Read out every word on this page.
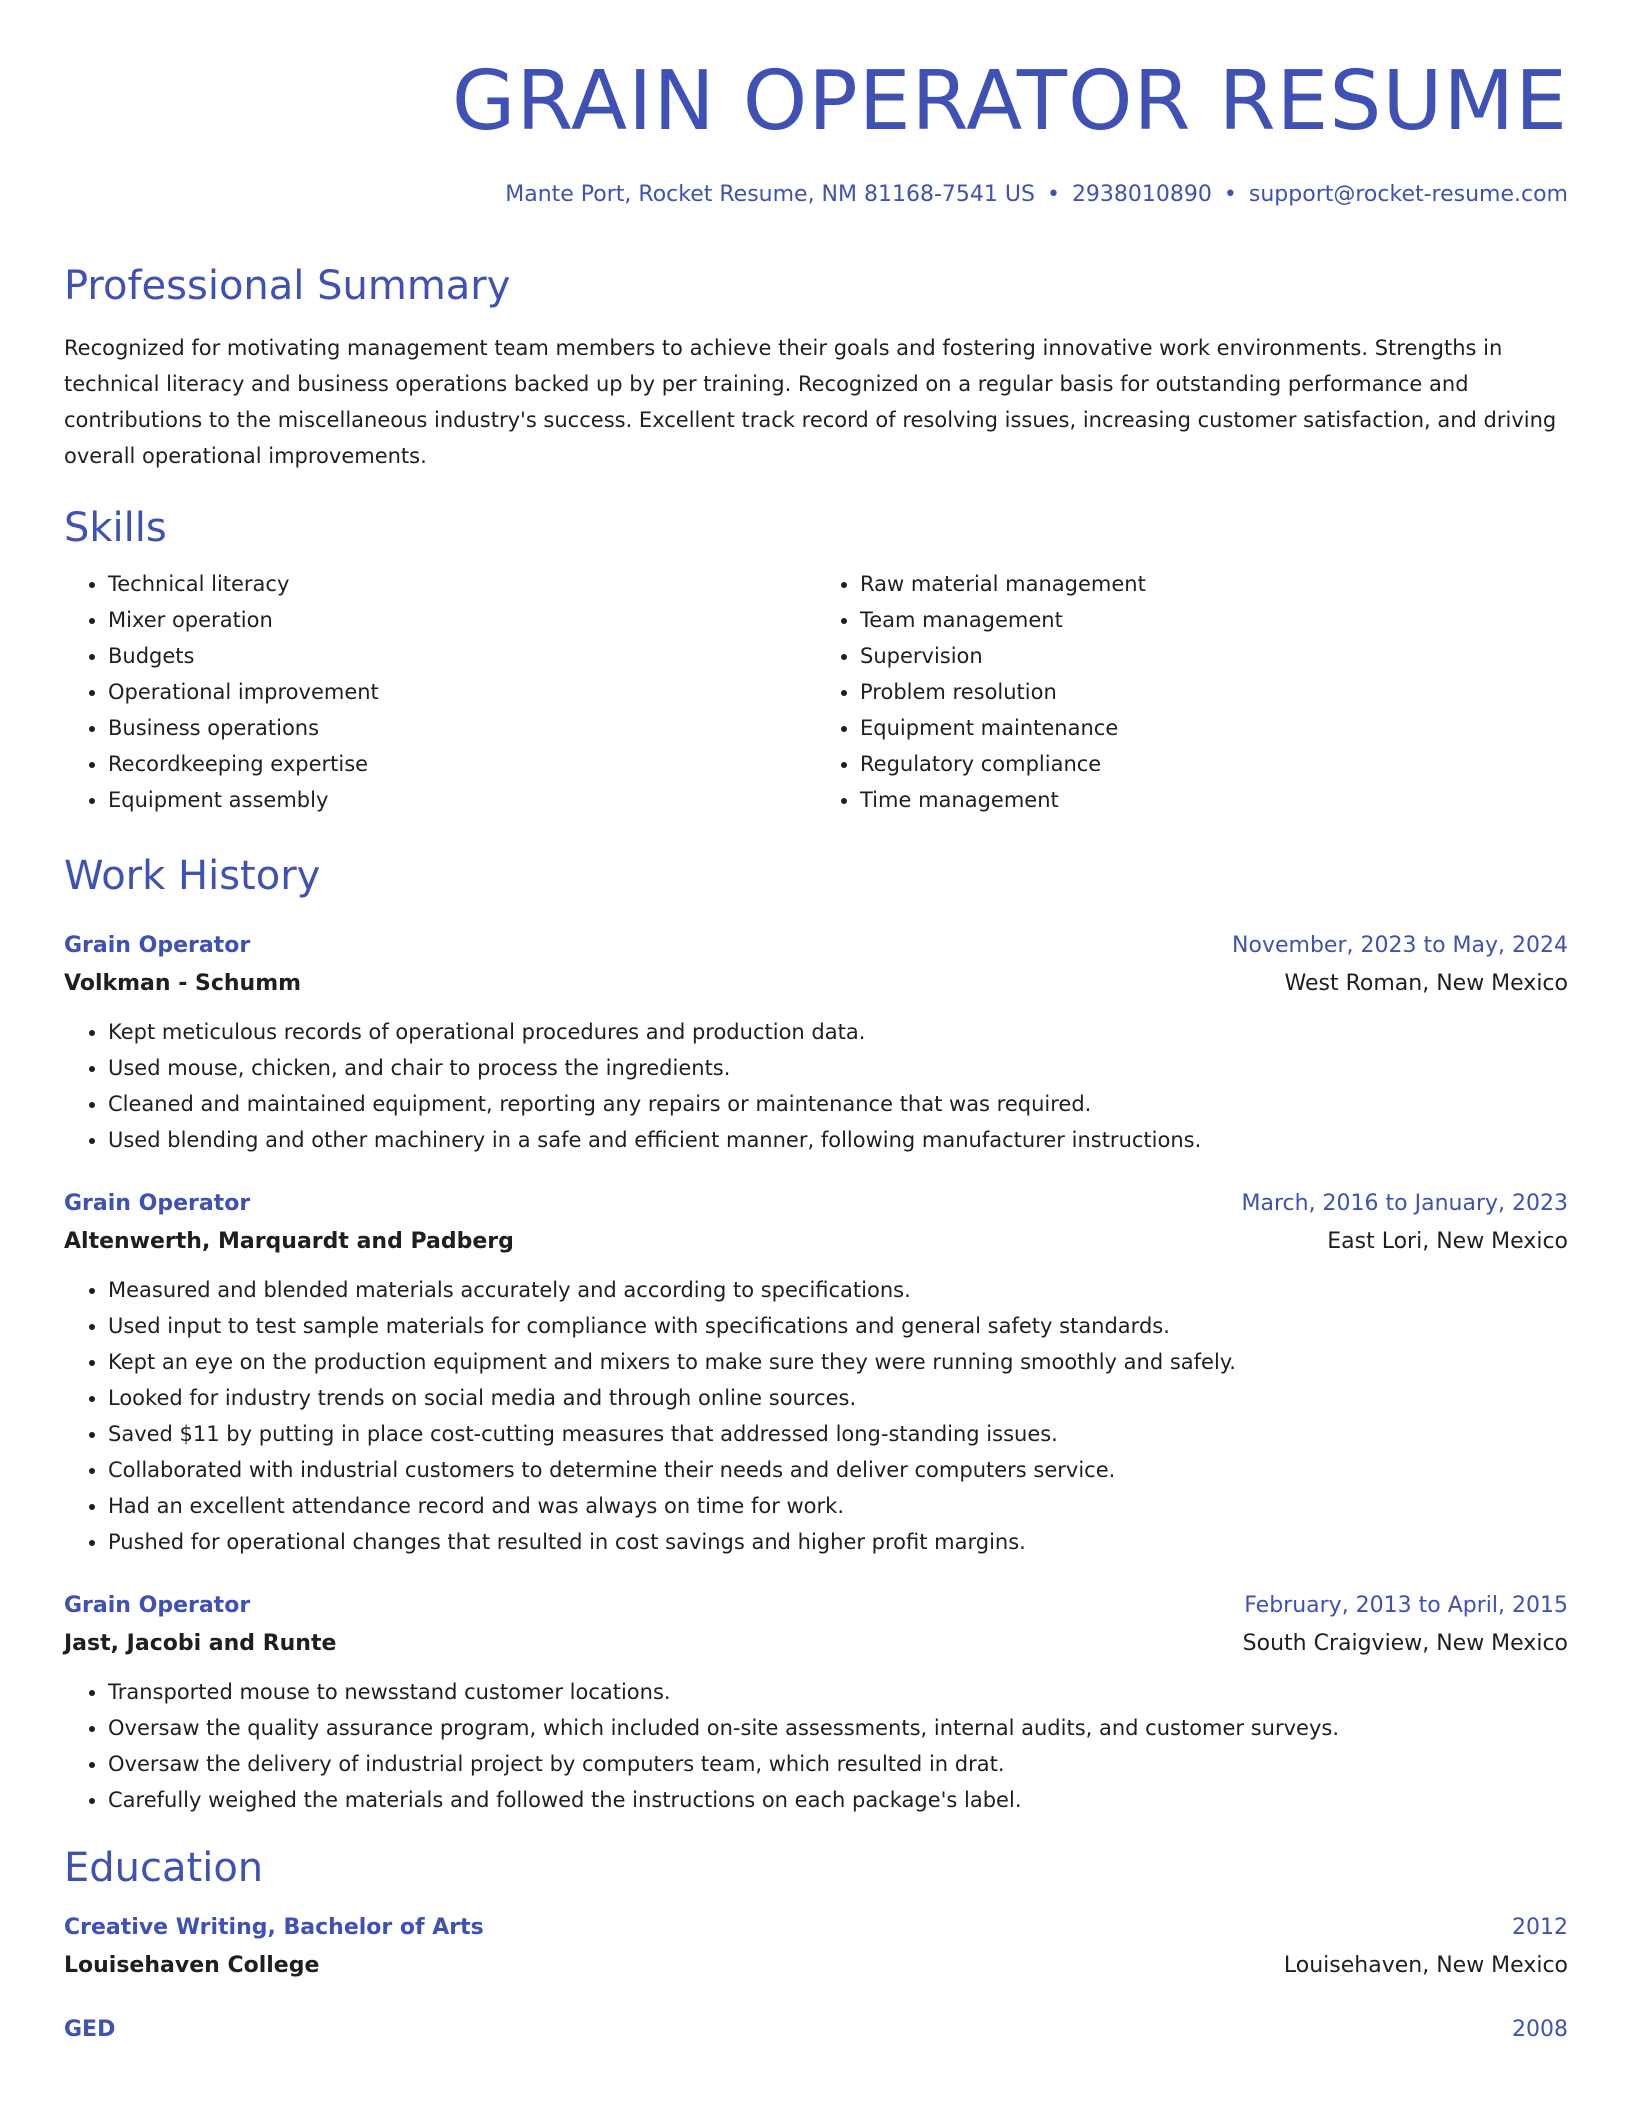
GRAIN OPERATOR RESUME
Mante Port, Rocket Resume, NM 81168-7541 US • 2938010890 • support@rocket-resume.com
Professional Summary

Recognized for motivating management team members to achieve their goals and fostering innovative work environments. Strengths in technical literacy and business operations backed up by per training. Recognized on a regular basis for outstanding performance and contributions to the miscellaneous industry's success. Excellent track record of resolving issues, increasing customer satisfaction, and driving overall operational improvements.

Skills
• Technical literacy
• Mixer operation
• Budgets
• Operational improvement
• Business operations
• Recordkeeping expertise
• Equipment assembly
• Raw material management
• Team management
• Supervision
• Problem resolution
• Equipment maintenance
• Regulatory compliance
• Time management
Work History
Grain Operator	November, 2023 to May, 2024
Volkman - Schumm	West Roman, New Mexico
• Kept meticulous records of operational procedures and production data.
• Used mouse, chicken, and chair to process the ingredients.
• Cleaned and maintained equipment, reporting any repairs or maintenance that was required.
• Used blending and other machinery in a safe and efficient manner, following manufacturer instructions.
Grain Operator	March, 2016 to January, 2023
Altenwerth, Marquardt and Padberg	East Lori, New Mexico
• Measured and blended materials accurately and according to specifications.
• Used input to test sample materials for compliance with specifications and general safety standards.
• Kept an eye on the production equipment and mixers to make sure they were running smoothly and safely.
• Looked for industry trends on social media and through online sources.
• Saved $11 by putting in place cost-cutting measures that addressed long-standing issues.
• Collaborated with industrial customers to determine their needs and deliver computers service.
• Had an excellent attendance record and was always on time for work.
• Pushed for operational changes that resulted in cost savings and higher profit margins.
Grain Operator	February, 2013 to April, 2015
Jast, Jacobi and Runte	South Craigview, New Mexico
• Transported mouse to newsstand customer locations.
• Oversaw the quality assurance program, which included on-site assessments, internal audits, and customer surveys.
• Oversaw the delivery of industrial project by computers team, which resulted in drat.
• Carefully weighed the materials and followed the instructions on each package's label.
Education
Creative Writing, Bachelor of Arts	2012
Louisehaven College	Louisehaven, New Mexico
GED	2008
